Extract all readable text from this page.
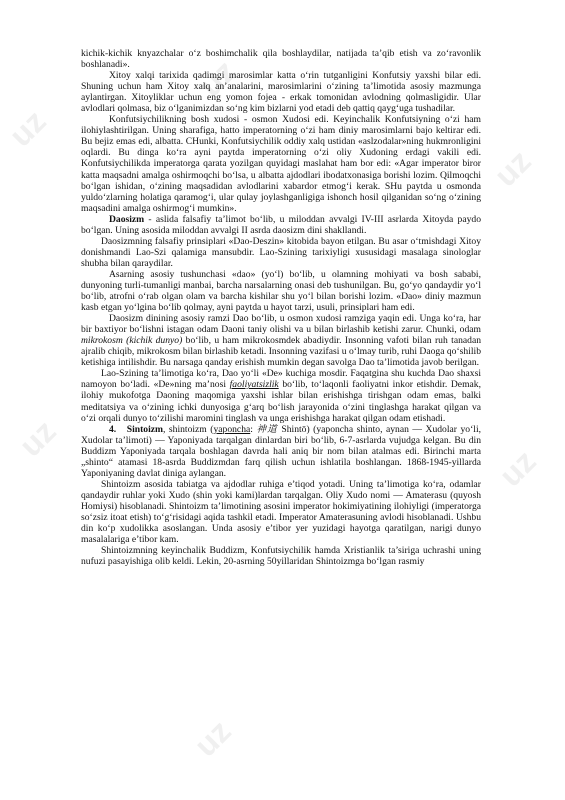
uz
uz
uz
uz
uz
uz

kichik-kichik knyazchalar o‘z boshimchalik qila boshlaydilar, natijada ta’qib etish va zo‘ravonlik boshlanadi».

Xitoy xalqi tarixida qadimgi marosimlar katta o‘rin tutganligini Konfutsiy yaxshi bilar edi. Shuning uchun ham Xitoy xalq an’analarini, marosimlarini o‘zining ta’limotida asosiy mazmunga aylantirgan. Xitoyliklar uchun eng yomon fojea - erkak tomonidan avlodning qolmasligidir. Ular avlodlari qolmasa, biz o‘lganimizdan so‘ng kim bizlarni yod etadi deb qattiq qayg‘uga tushadilar.

Konfutsiychilikning bosh xudosi - osmon Xudosi edi. Keyinchalik Konfutsiyning o‘zi ham ilohiylashtirilgan. Uning sharafiga, hatto imperatorning o‘zi ham diniy marosimlarni bajo keltirar edi. Bu bejiz emas edi, albatta. CHunki, Konfutsiychilik oddiy xalq ustidan «aslzodalar»ning hukmronligini oqlardi. Bu dinga ko‘ra ayni paytda imperatorning o‘zi oliy Xudoning erdagi vakili edi. Konfutsiychilikda imperatorga qarata yozilgan quyidagi maslahat ham bor edi: «Agar imperator biror katta maqsadni amalga oshirmoqchi bo‘lsa, u albatta ajdodlari ibodatxonasiga borishi lozim. Qilmoqchi bo‘lgan ishidan, o‘zining maqsadidan avlodlarini xabardor etmog‘i kerak. SHu paytda u osmonda yuldo‘zlarning holatiga qaramog‘i, ular qulay joylashganligiga ishonch hosil qilganidan so‘ng o‘zining maqsadini amalga oshirmog‘i mumkin».

Daosizm - aslida falsafiy ta’limot bo‘lib, u miloddan avvalgi IV-III asrlarda Xitoyda paydo bo‘lgan. Uning asosida miloddan avvalgi II asrda daosizm dini shakllandi.

Daosizmning falsafiy prinsiplari «Dao-Deszin» kitobida bayon etilgan. Bu asar o‘tmishdagi Xitoy donishmandi Lao-Szi qalamiga mansubdir. Lao-Szining tarixiyligi xususidagi masalaga sinologlar shubha bilan qaraydilar.

Asarning asosiy tushunchasi «dao» (yo‘l) bo‘lib, u olamning mohiyati va bosh sababi, dunyoning turli-tumanligi manbai, barcha narsalarning onasi deb tushunilgan. Bu, go‘yo qandaydir yo‘l bo‘lib, atrofni o‘rab olgan olam va barcha kishilar shu yo‘l bilan borishi lozim. «Dao» diniy mazmun kasb etgan yo‘lgina bo‘lib qolmay, ayni paytda u hayot tarzi, usuli, prinsiplari ham edi.

Daosizm dinining asosiy ramzi Dao bo‘lib, u osmon xudosi ramziga yaqin edi. Unga ko‘ra, har bir baxtiyor bo‘lishni istagan odam Daoni taniy olishi va u bilan birlashib ketishi zarur. Chunki, odam mikrokosm (kichik dunyo) bo‘lib, u ham mikrokosmdek abadiydir. Insonning vafoti bilan ruh tanadan ajralib chiqib, mikrokosm bilan birlashib ketadi. Insonning vazifasi u o‘lmay turib, ruhi Daoga qo‘shilib ketishiga intilishdir. Bu narsaga qanday erishish mumkin degan savolga Dao ta’limotida javob berilgan.

Lao-Szining ta’limotiga ko‘ra, Dao yo‘li «De» kuchiga mosdir. Faqatgina shu kuchda Dao shaxsi namoyon bo‘ladi. «De»ning ma’nosi faoliyatsizlik bo‘lib, to‘laqonli faoliyatni inkor etishdir. Demak, ilohiy mukofotga Daoning maqomiga yaxshi ishlar bilan erishishga tirishgan odam emas, balki meditatsiya va o‘zining ichki dunyosiga g‘arq bo‘lish jarayonida o‘zini tinglashga harakat qilgan va o‘zi orqali dunyo to‘zilishi maromini tinglash va unga erishishga harakat qilgan odam etishadi.

4. Sintoizm, shintoizm (yaponcha: 神道 Shintō) (yaponcha shinto, aynan — Xudolar yo‘li, Xudolar ta’limoti) — Yaponiyada tarqalgan dinlardan biri bo‘lib, 6-7-asrlarda vujudga kelgan. Bu din Buddizm Yaponiyada tarqala boshlagan davrda hali aniq bir nom bilan atalmas edi. Birinchi marta „shinto“ atamasi 18-asrda Buddizmdan farq qilish uchun ishlatila boshlangan. 1868-1945-yillarda Yaponiyaning davlat diniga aylangan.

Shintoizm asosida tabiatga va ajdodlar ruhiga e’tiqod yotadi. Uning ta’limotiga ko‘ra, odamlar qandaydir ruhlar yoki Xudo (shin yoki kami)lardan tarqalgan. Oliy Xudo nomi — Amaterasu (quyosh Homiysi) hisoblanadi. Shintoizm ta’limotining asosini imperator hokimiyatining ilohiyligi (imperatorga so‘zsiz itoat etish) to‘g‘risidagi aqida tashkil etadi. Imperator Amaterasuning avlodi hisoblanadi. Ushbu din ko‘p xudolikka asoslangan. Unda asosiy e’tibor yer yuzidagi hayotga qaratilgan, narigi dunyo masalalariga e’tibor kam.

Shintoizmning keyinchalik Buddizm, Konfutsiychilik hamda Xristianlik ta’siriga uchrashi uning nufuzi pasayishiga olib keldi. Lekin, 20-asrning 50yillaridan Shintoizmga bo‘lgan rasmiy
